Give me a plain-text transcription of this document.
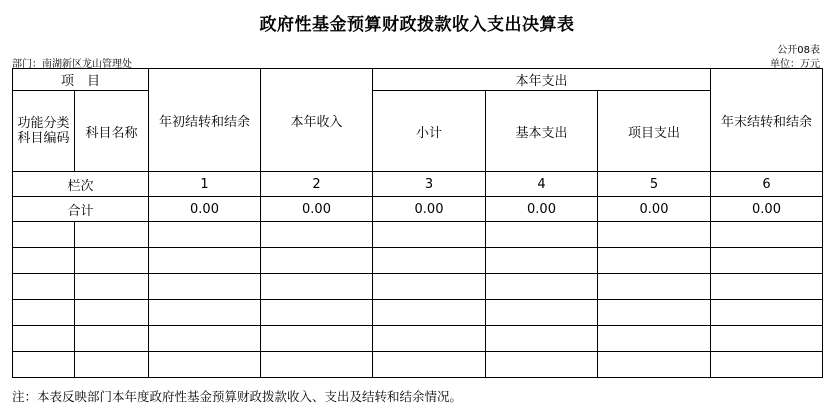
政府性基金预算财政拨款收入支出决算表
公开08表
部门：南湖新区龙山管理处	单位：万元
项　目		年初结转和结余	本年收入	本年支出			年末结转和结余
功能分类科目编码	科目名称			小计	基本支出	项目支出	

栏次		1	2	3	4	5	6
合计		0.00	0.00	0.00	0.00	0.00	0.00

注：本表反映部门本年度政府性基金预算财政拨款收入、支出及结转和结余情况。
